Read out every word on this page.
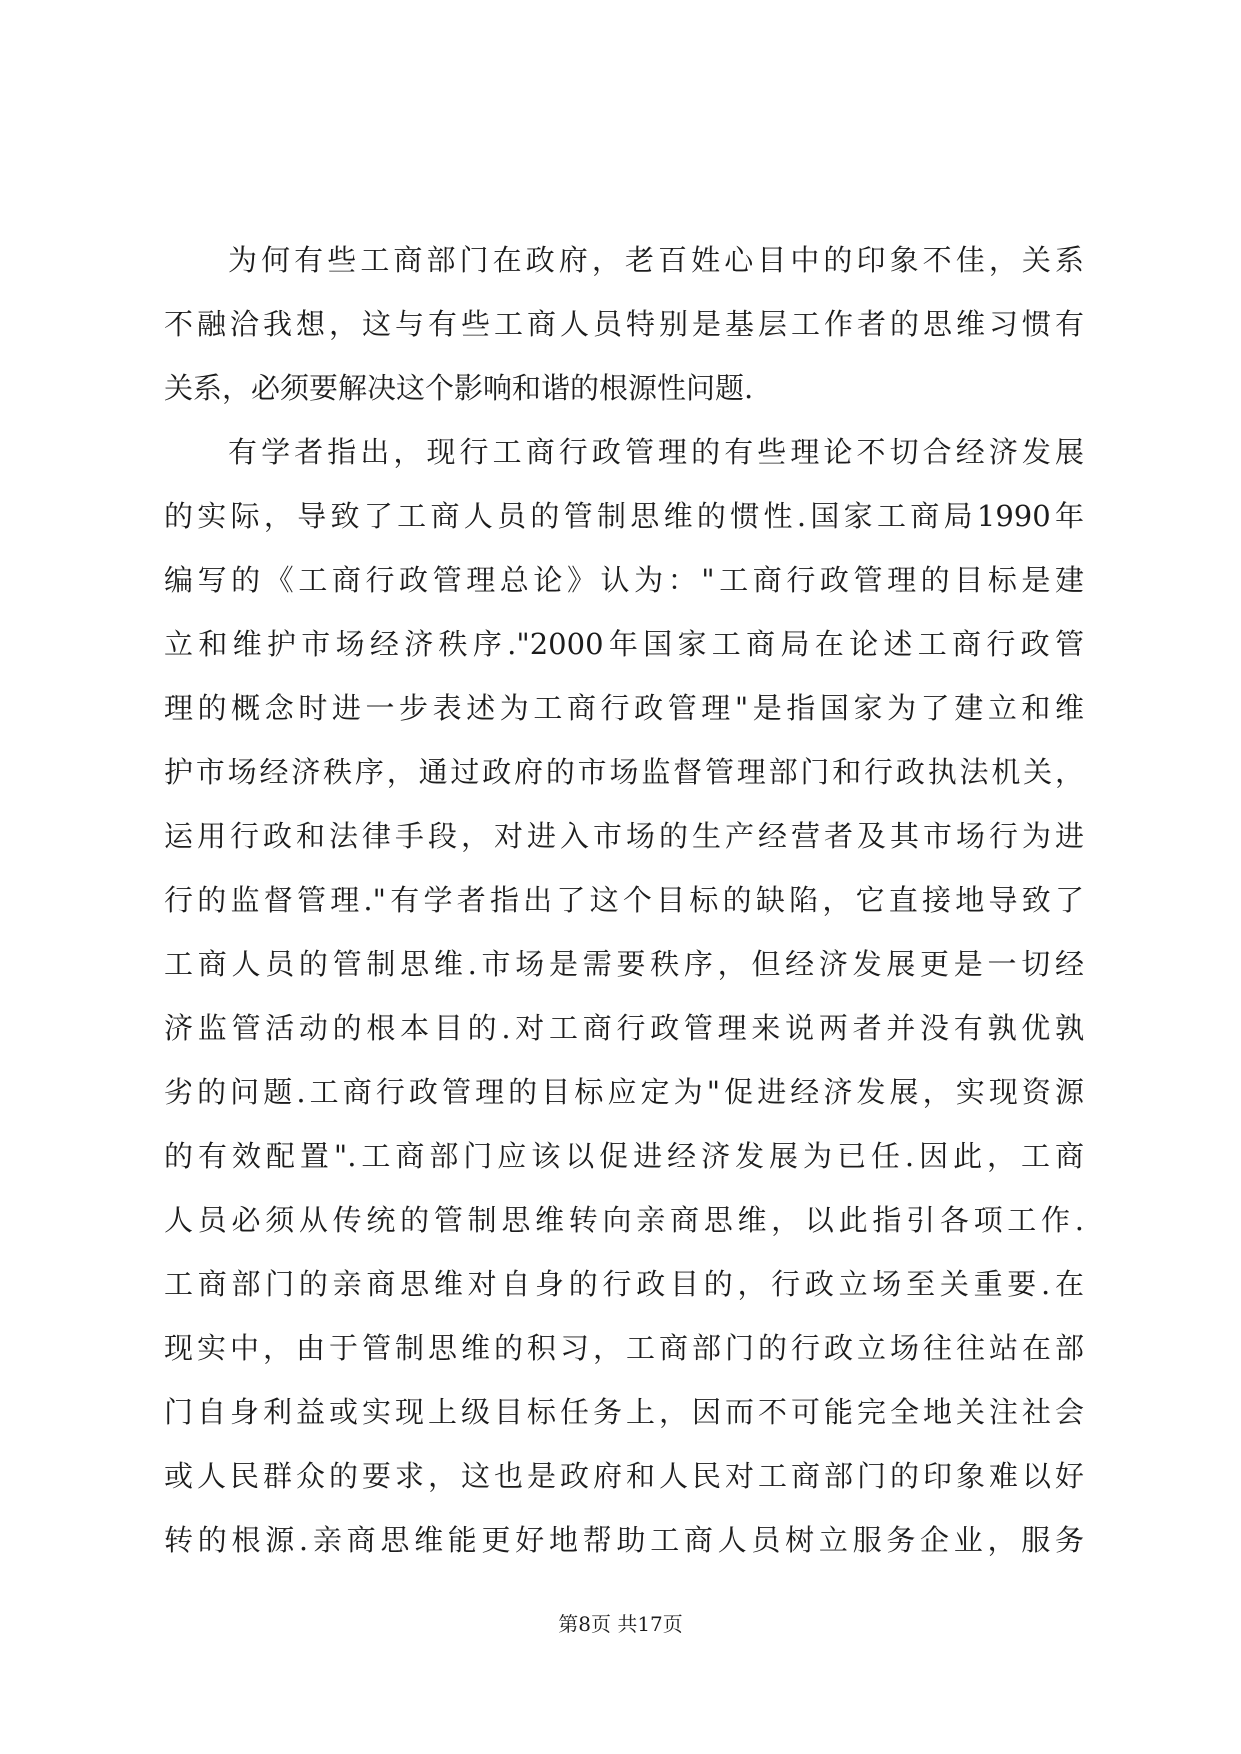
为何有些工商部门在政府，老百姓心目中的印象不佳，关系
不融洽我想，这与有些工商人员特别是基层工作者的思维习惯有
关系，必须要解决这个影响和谐的根源性问题.
有学者指出，现行工商行政管理的有些理论不切合经济发展
的实际，导致了工商人员的管制思维的惯性.国家工商局1990年
编写的《工商行政管理总论》认为："工商行政管理的目标是建
立和维护市场经济秩序."2000年国家工商局在论述工商行政管
理的概念时进一步表述为工商行政管理"是指国家为了建立和维
护市场经济秩序，通过政府的市场监督管理部门和行政执法机关，
运用行政和法律手段，对进入市场的生产经营者及其市场行为进
行的监督管理."有学者指出了这个目标的缺陷，它直接地导致了
工商人员的管制思维.市场是需要秩序，但经济发展更是一切经
济监管活动的根本目的.对工商行政管理来说两者并没有孰优孰
劣的问题.工商行政管理的目标应定为"促进经济发展，实现资源
的有效配置".工商部门应该以促进经济发展为已任.因此，工商
人员必须从传统的管制思维转向亲商思维，以此指引各项工作.
工商部门的亲商思维对自身的行政目的，行政立场至关重要.在
现实中，由于管制思维的积习，工商部门的行政立场往往站在部
门自身利益或实现上级目标任务上，因而不可能完全地关注社会
或人民群众的要求，这也是政府和人民对工商部门的印象难以好
转的根源.亲商思维能更好地帮助工商人员树立服务企业，服务
第8页 共17页
